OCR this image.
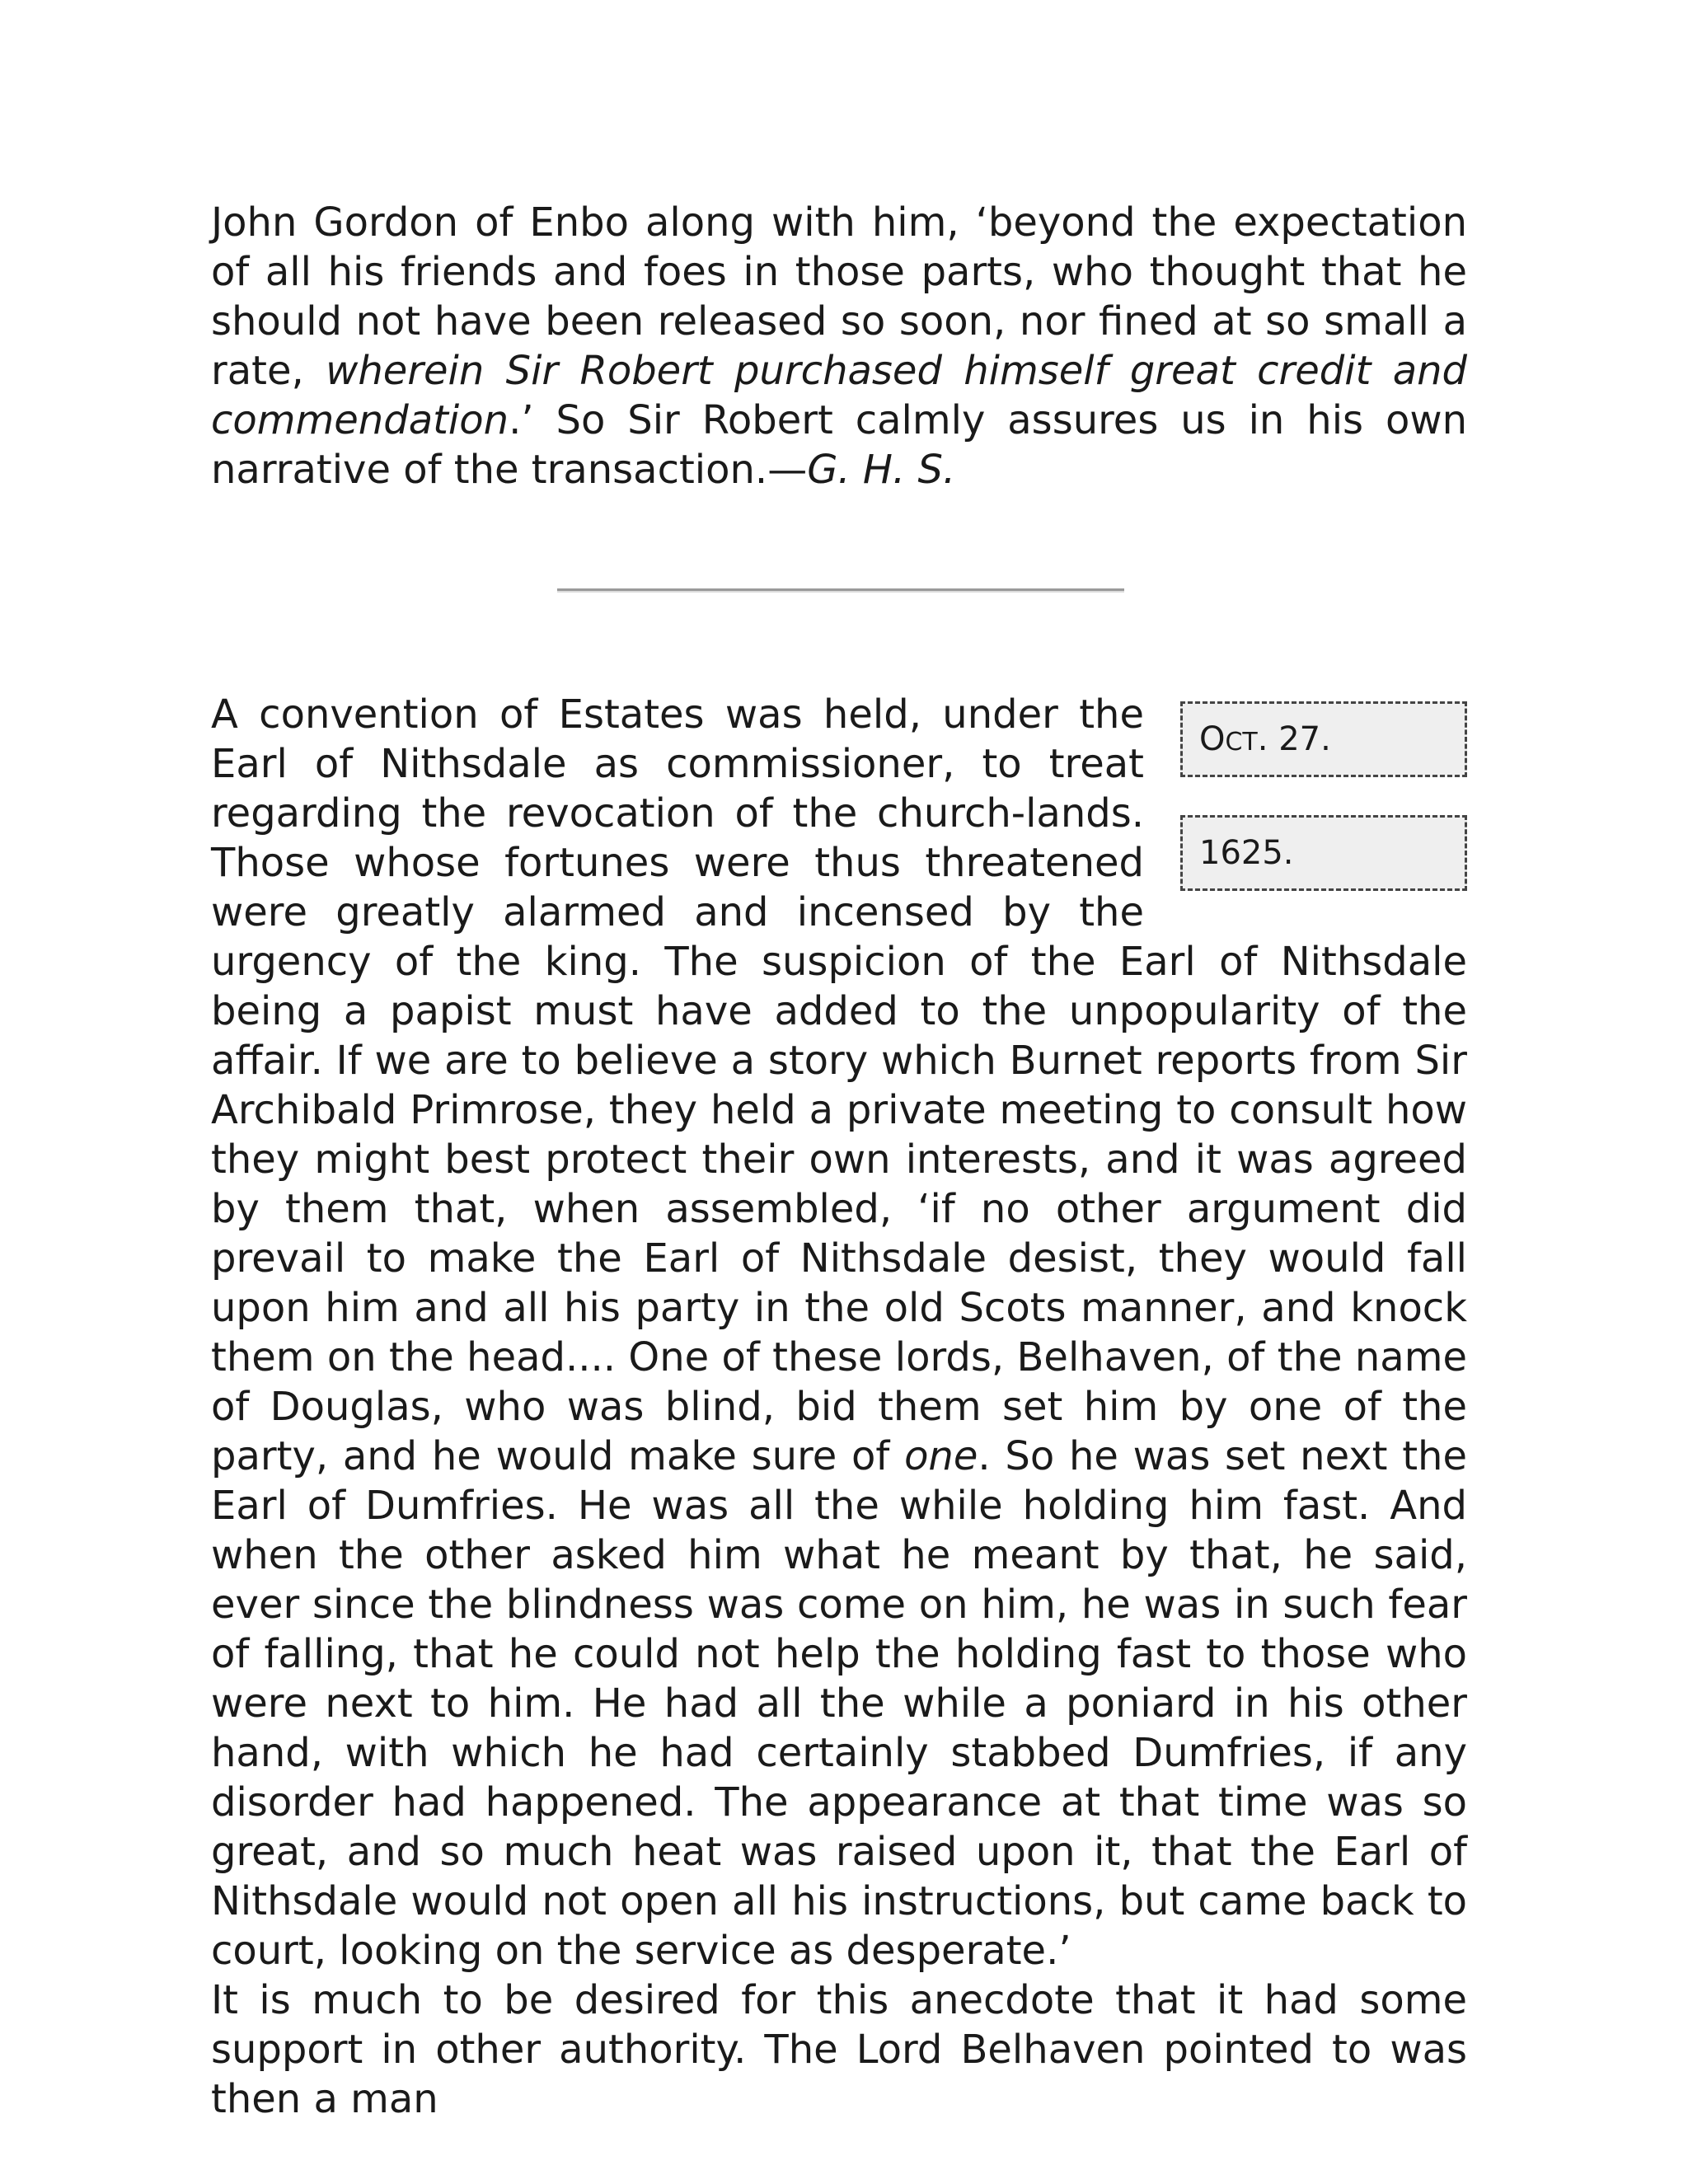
John Gordon of Enbo along with him, ‘beyond the expectation of all his friends and foes in those parts, who thought that he should not have been released so soon, nor fined at so small a rate, wherein Sir Robert purchased himself great credit and commendation.’ So Sir Robert calmly assures us in his own narrative of the transaction.—G. H. S.

OCT. 27.
1625.

A convention of Estates was held, under the Earl of Nithsdale as commissioner, to treat regarding the revocation of the church-lands. Those whose fortunes were thus threatened were greatly alarmed and incensed by the urgency of the king. The suspicion of the Earl of Nithsdale being a papist must have added to the unpopularity of the affair. If we are to believe a story which Burnet reports from Sir Archibald Primrose, they held a private meeting to consult how they might best protect their own interests, and it was agreed by them that, when assembled, ‘if no other argument did prevail to make the Earl of Nithsdale desist, they would fall upon him and all his party in the old Scots manner, and knock them on the head.... One of these lords, Belhaven, of the name of Douglas, who was blind, bid them set him by one of the party, and he would make sure of one. So he was set next the Earl of Dumfries. He was all the while holding him fast. And when the other asked him what he meant by that, he said, ever since the blindness was come on him, he was in such fear of falling, that he could not help the holding fast to those who were next to him. He had all the while a poniard in his other hand, with which he had certainly stabbed Dumfries, if any disorder had happened. The appearance at that time was so great, and so much heat was raised upon it, that the Earl of Nithsdale would not open all his instructions, but came back to court, looking on the service as desperate.’

It is much to be desired for this anecdote that it had some support in other authority. The Lord Belhaven pointed to was then a man
